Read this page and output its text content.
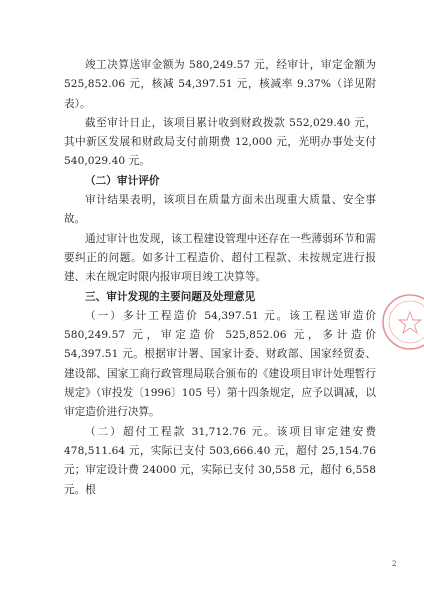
竣工决算送审金额为 580,249.57 元，经审计，审定金额为 525,852.06 元，核减 54,397.51 元，核减率 9.37%（详见附表）。

截至审计日止，该项目累计收到财政拨款 552,029.40 元，其中新区发展和财政局支付前期费 12,000 元，光明办事处支付 540,029.40 元。

（二）审计评价

审计结果表明，该项目在质量方面未出现重大质量、安全事故。

通过审计也发现，该工程建设管理中还存在一些薄弱环节和需要纠正的问题。如多计工程造价、超付工程款、未按规定进行报建、未在规定时限内报审项目竣工决算等。

三、审计发现的主要问题及处理意见

（一）多计工程造价 54,397.51 元。该工程送审造价 580,249.57 元，审定造价 525,852.06 元，多计造价 54,397.51 元。根据审计署、国家计委、财政部、国家经贸委、建设部、国家工商行政管理局联合颁布的《建设项目审计处理暂行规定》（审投发〔1996〕105 号）第十四条规定，应予以调减，以审定造价进行决算。

（二）超付工程款 31,712.76 元。该项目审定建安费 478,511.64 元，实际已支付 503,666.40 元，超付 25,154.76 元；审定设计费 24000 元，实际已支付 30,558 元，超付 6,558 元。根

2
